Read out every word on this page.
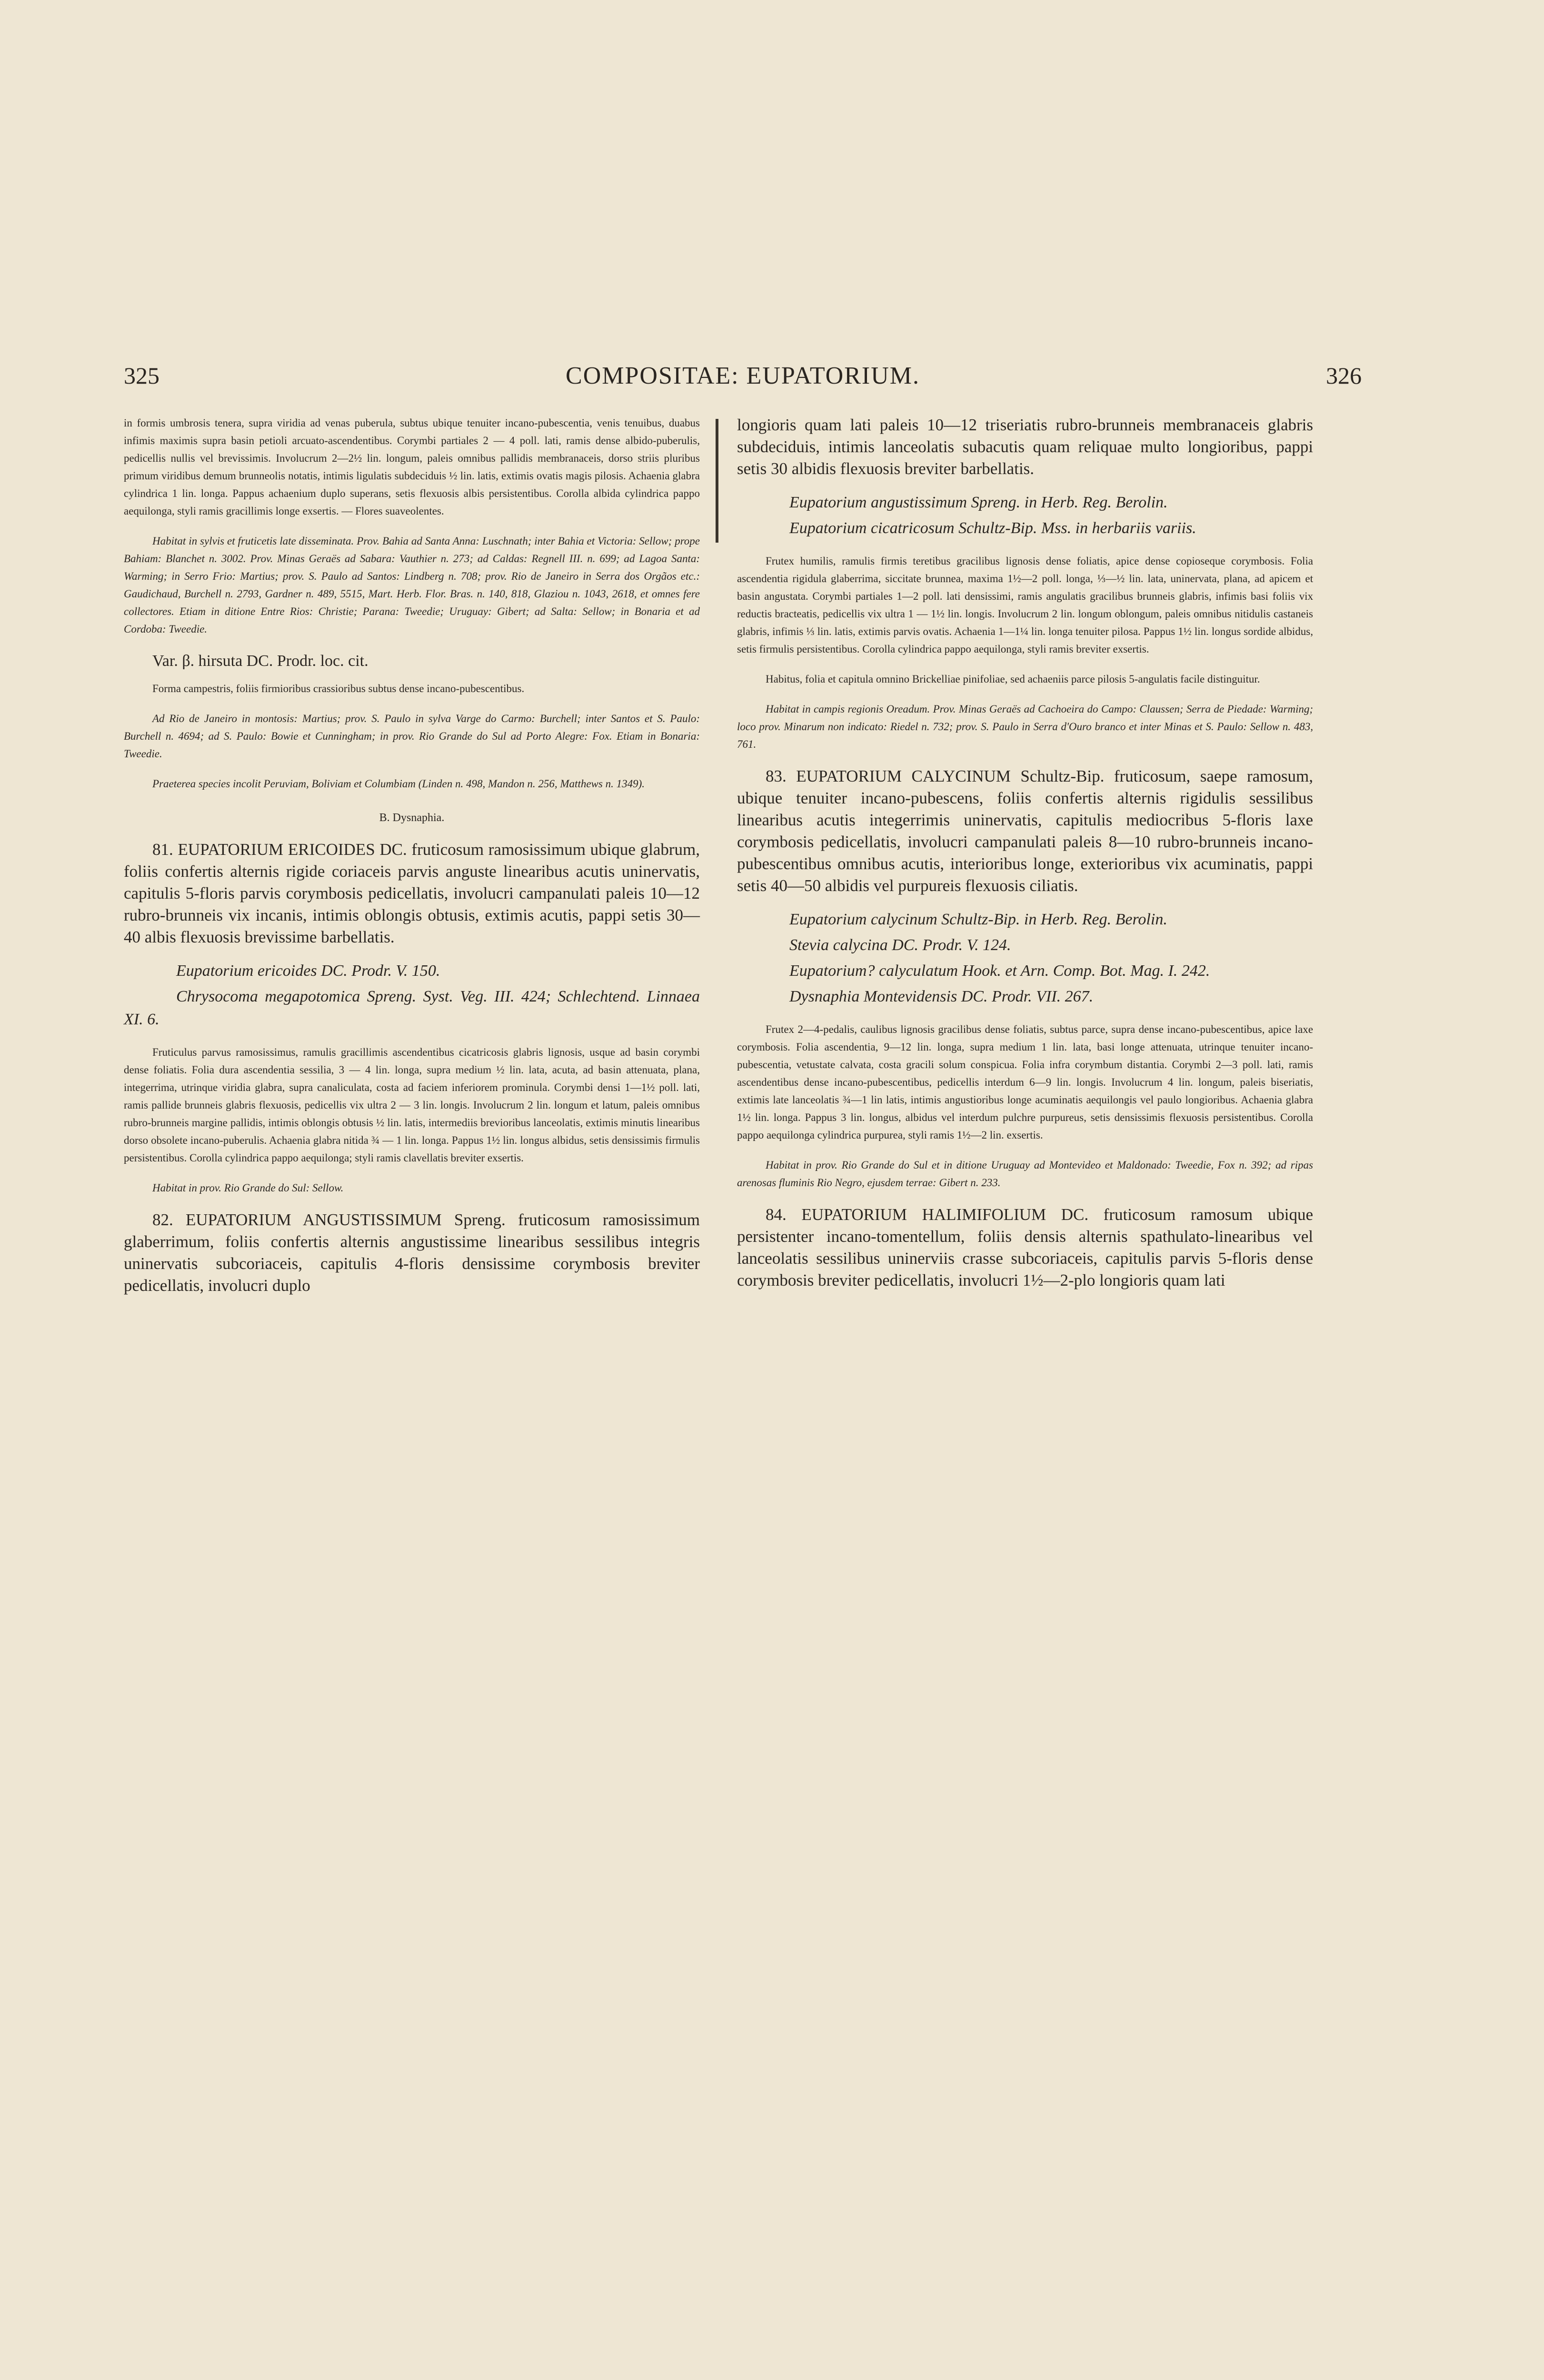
325	COMPOSITAE: EUPATORIUM.	326

in formis umbrosis tenera, supra viridia ad venas puberula, subtus ubique tenuiter incano-pubescentia, venis tenuibus, duabus infimis maximis supra basin petioli arcuato-ascendentibus. Corymbi partiales 2 — 4 poll. lati, ramis dense albido-puberulis, pedicellis nullis vel brevissimis. Involucrum 2—2½ lin. longum, paleis omnibus pallidis membranaceis, dorso striis pluribus primum viridibus demum brunneolis notatis, intimis ligulatis subdeciduis ½ lin. latis, extimis ovatis magis pilosis. Achaenia glabra cylindrica 1 lin. longa. Pappus achaenium duplo superans, setis flexuosis albis persistentibus. Corolla albida cylindrica pappo aequilonga, styli ramis gracillimis longe exsertis. — Flores suaveolentes.

Habitat in sylvis et fruticetis late disseminata. Prov. Bahia ad Santa Anna: Luschnath; inter Bahia et Victoria: Sellow; prope Bahiam: Blanchet n. 3002. Prov. Minas Geraës ad Sabara: Vauthier n. 273; ad Caldas: Regnell III. n. 699; ad Lagoa Santa: Warming; in Serro Frio: Martius; prov. S. Paulo ad Santos: Lindberg n. 708; prov. Rio de Janeiro in Serra dos Orgãos etc.: Gaudichaud, Burchell n. 2793, Gardner n. 489, 5515, Mart. Herb. Flor. Bras. n. 140, 818, Glaziou n. 1043, 2618, et omnes fere collectores. Etiam in ditione Entre Rios: Christie; Parana: Tweedie; Uruguay: Gibert; ad Salta: Sellow; in Bonaria et ad Cordoba: Tweedie.

Var. β. hirsuta DC. Prodr. loc. cit.

Forma campestris, foliis firmioribus crassioribus subtus dense incano-pubescentibus.

Ad Rio de Janeiro in montosis: Martius; prov. S. Paulo in sylva Varge do Carmo: Burchell; inter Santos et S. Paulo: Burchell n. 4694; ad S. Paulo: Bowie et Cunningham; in prov. Rio Grande do Sul ad Porto Alegre: Fox. Etiam in Bonaria: Tweedie.

Praeterea species incolit Peruviam, Boliviam et Columbiam (Linden n. 498, Mandon n. 256, Matthews n. 1349).

B. Dysnaphia.

81. EUPATORIUM ERICOIDES DC. fruticosum ramosissimum ubique glabrum, foliis confertis alternis rigide coriaceis parvis anguste linearibus acutis uninervatis, capitulis 5-floris parvis corymbosis pedicellatis, involucri campanulati paleis 10—12 rubro-brunneis vix incanis, intimis oblongis obtusis, extimis acutis, pappi setis 30—40 albis flexuosis brevissime barbellatis.

Eupatorium ericoides DC. Prodr. V. 150.

Chrysocoma megapotomica Spreng. Syst. Veg. III. 424; Schlechtend. Linnaea XI. 6.

Fruticulus parvus ramosissimus, ramulis gracillimis ascendentibus cicatricosis glabris lignosis, usque ad basin corymbi dense foliatis. Folia dura ascendentia sessilia, 3 — 4 lin. longa, supra medium ½ lin. lata, acuta, ad basin attenuata, plana, integerrima, utrinque viridia glabra, supra canaliculata, costa ad faciem inferiorem prominula. Corymbi densi 1—1½ poll. lati, ramis pallide brunneis glabris flexuosis, pedicellis vix ultra 2 — 3 lin. longis. Involucrum 2 lin. longum et latum, paleis omnibus rubro-brunneis margine pallidis, intimis oblongis obtusis ½ lin. latis, intermediis brevioribus lanceolatis, extimis minutis linearibus dorso obsolete incano-puberulis. Achaenia glabra nitida ¾ — 1 lin. longa. Pappus 1½ lin. longus albidus, setis densissimis firmulis persistentibus. Corolla cylindrica pappo aequilonga; styli ramis clavellatis breviter exsertis.

Habitat in prov. Rio Grande do Sul: Sellow.

82. EUPATORIUM ANGUSTISSIMUM Spreng. fruticosum ramosissimum glaberrimum, foliis confertis alternis angustissime linearibus sessilibus integris uninervatis subcoriaceis, capitulis 4-floris densissime corymbosis breviter pedicellatis, involucri duplo

longioris quam lati paleis 10—12 triseriatis rubro-brunneis membranaceis glabris subdeciduis, intimis lanceolatis subacutis quam reliquae multo longioribus, pappi setis 30 albidis flexuosis breviter barbellatis.

Eupatorium angustissimum Spreng. in Herb. Reg. Berolin.

Eupatorium cicatricosum Schultz-Bip. Mss. in herbariis variis.

Frutex humilis, ramulis firmis teretibus gracilibus lignosis dense foliatis, apice dense copioseque corymbosis. Folia ascendentia rigidula glaberrima, siccitate brunnea, maxima 1½—2 poll. longa, ⅓—½ lin. lata, uninervata, plana, ad apicem et basin angustata. Corymbi partiales 1—2 poll. lati densissimi, ramis angulatis gracilibus brunneis glabris, infimis basi foliis vix reductis bracteatis, pedicellis vix ultra 1 — 1½ lin. longis. Involucrum 2 lin. longum oblongum, paleis omnibus nitidulis castaneis glabris, infimis ⅓ lin. latis, extimis parvis ovatis. Achaenia 1—1¼ lin. longa tenuiter pilosa. Pappus 1½ lin. longus sordide albidus, setis firmulis persistentibus. Corolla cylindrica pappo aequilonga, styli ramis breviter exsertis.

Habitus, folia et capitula omnino Brickelliae pinifoliae, sed achaeniis parce pilosis 5-angulatis facile distinguitur.

Habitat in campis regionis Oreadum. Prov. Minas Geraës ad Cachoeira do Campo: Claussen; Serra de Piedade: Warming; loco prov. Minarum non indicato: Riedel n. 732; prov. S. Paulo in Serra d'Ouro branco et inter Minas et S. Paulo: Sellow n. 483, 761.

83. EUPATORIUM CALYCINUM Schultz-Bip. fruticosum, saepe ramosum, ubique tenuiter incano-pubescens, foliis confertis alternis rigidulis sessilibus linearibus acutis integerrimis uninervatis, capitulis mediocribus 5-floris laxe corymbosis pedicellatis, involucri campanulati paleis 8—10 rubro-brunneis incano-pubescentibus omnibus acutis, interioribus longe, exterioribus vix acuminatis, pappi setis 40—50 albidis vel purpureis flexuosis ciliatis.

Eupatorium calycinum Schultz-Bip. in Herb. Reg. Berolin.

Stevia calycina DC. Prodr. V. 124.

Eupatorium? calyculatum Hook. et Arn. Comp. Bot. Mag. I. 242.

Dysnaphia Montevidensis DC. Prodr. VII. 267.

Frutex 2—4-pedalis, caulibus lignosis gracilibus dense foliatis, subtus parce, supra dense incano-pubescentibus, apice laxe corymbosis. Folia ascendentia, 9—12 lin. longa, supra medium 1 lin. lata, basi longe attenuata, utrinque tenuiter incano-pubescentia, vetustate calvata, costa gracili solum conspicua. Folia infra corymbum distantia. Corymbi 2—3 poll. lati, ramis ascendentibus dense incano-pubescentibus, pedicellis interdum 6—9 lin. longis. Involucrum 4 lin. longum, paleis biseriatis, extimis late lanceolatis ¾—1 lin latis, intimis angustioribus longe acuminatis aequilongis vel paulo longioribus. Achaenia glabra 1½ lin. longa. Pappus 3 lin. longus, albidus vel interdum pulchre purpureus, setis densissimis flexuosis persistentibus. Corolla pappo aequilonga cylindrica purpurea, styli ramis 1½—2 lin. exsertis.

Habitat in prov. Rio Grande do Sul et in ditione Uruguay ad Montevideo et Maldonado: Tweedie, Fox n. 392; ad ripas arenosas fluminis Rio Negro, ejusdem terrae: Gibert n. 233.

84. EUPATORIUM HALIMIFOLIUM DC. fruticosum ramosum ubique persistenter incano-tomentellum, foliis densis alternis spathulato-linearibus vel lanceolatis sessilibus uninerviis crasse subcoriaceis, capitulis parvis 5-floris dense corymbosis breviter pedicellatis, involucri 1½—2-plo longioris quam lati
